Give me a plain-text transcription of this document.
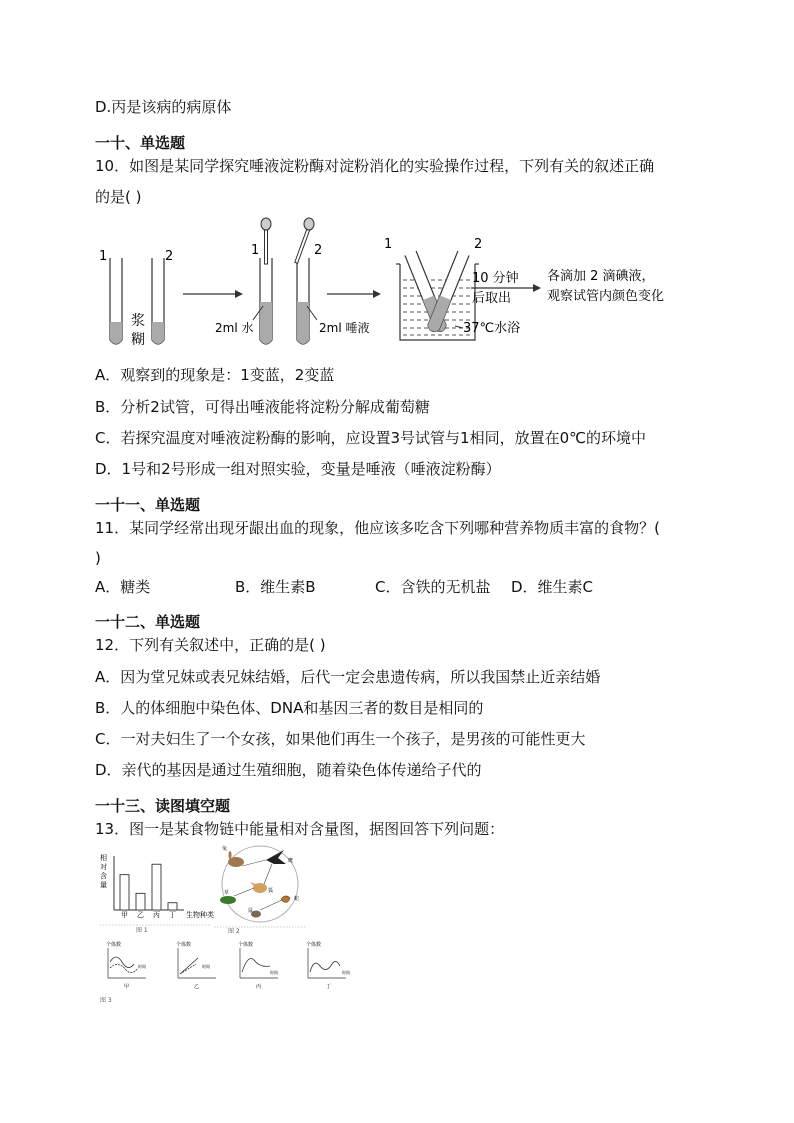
D.丙是该病的病原体
一十、单选题
10．如图是某同学探究唾液淀粉酶对淀粉消化的实验操作过程，下列有关的叙述正确
的是( )
1	2
浆
糊
1	2
2ml 水	2ml 唾液
1	2
37℃水浴
10 分钟
后取出
各滴加 2 滴碘液，
观察试管内颜色变化
A．观察到的现象是：1变蓝，2变蓝
B．分析2试管，可得出唾液能将淀粉分解成葡萄糖
C．若探究温度对唾液淀粉酶的影响，应设置3号试管与1相同，放置在0℃的环境中
D．1号和2号形成一组对照实验，变量是唾液（唾液淀粉酶）
一十一、单选题
11．某同学经常出现牙龈出血的现象，他应该多吃含下列哪种营养物质丰富的食物？(
)
A．糖类	B．维生素B	C．含铁的无机盐 D．维生素C
一十二、单选题
12．下列有关叙述中，正确的是( )
A．因为堂兄妹或表兄妹结婚，后代一定会患遗传病，所以我国禁止近亲结婚
B．人的体细胞中染色体、DNA和基因三者的数目是相同的
C．一对夫妇生了一个女孩，如果他们再生一个孩子，是男孩的可能性更大
D．亲代的基因是通过生殖细胞，随着染色体传递给子代的
一十三、读图填空题
13．图一是某食物链中能量相对含量图，据图回答下列问题：
相
对
含
量
甲 乙 丙 丁 生物种类
图 1
兔
鹰
草	狐
鼠
蛇
图 2
个体数
时间
甲
个体数
时间
乙
个体数
时间
丙
个体数
时间
丁
图 3
